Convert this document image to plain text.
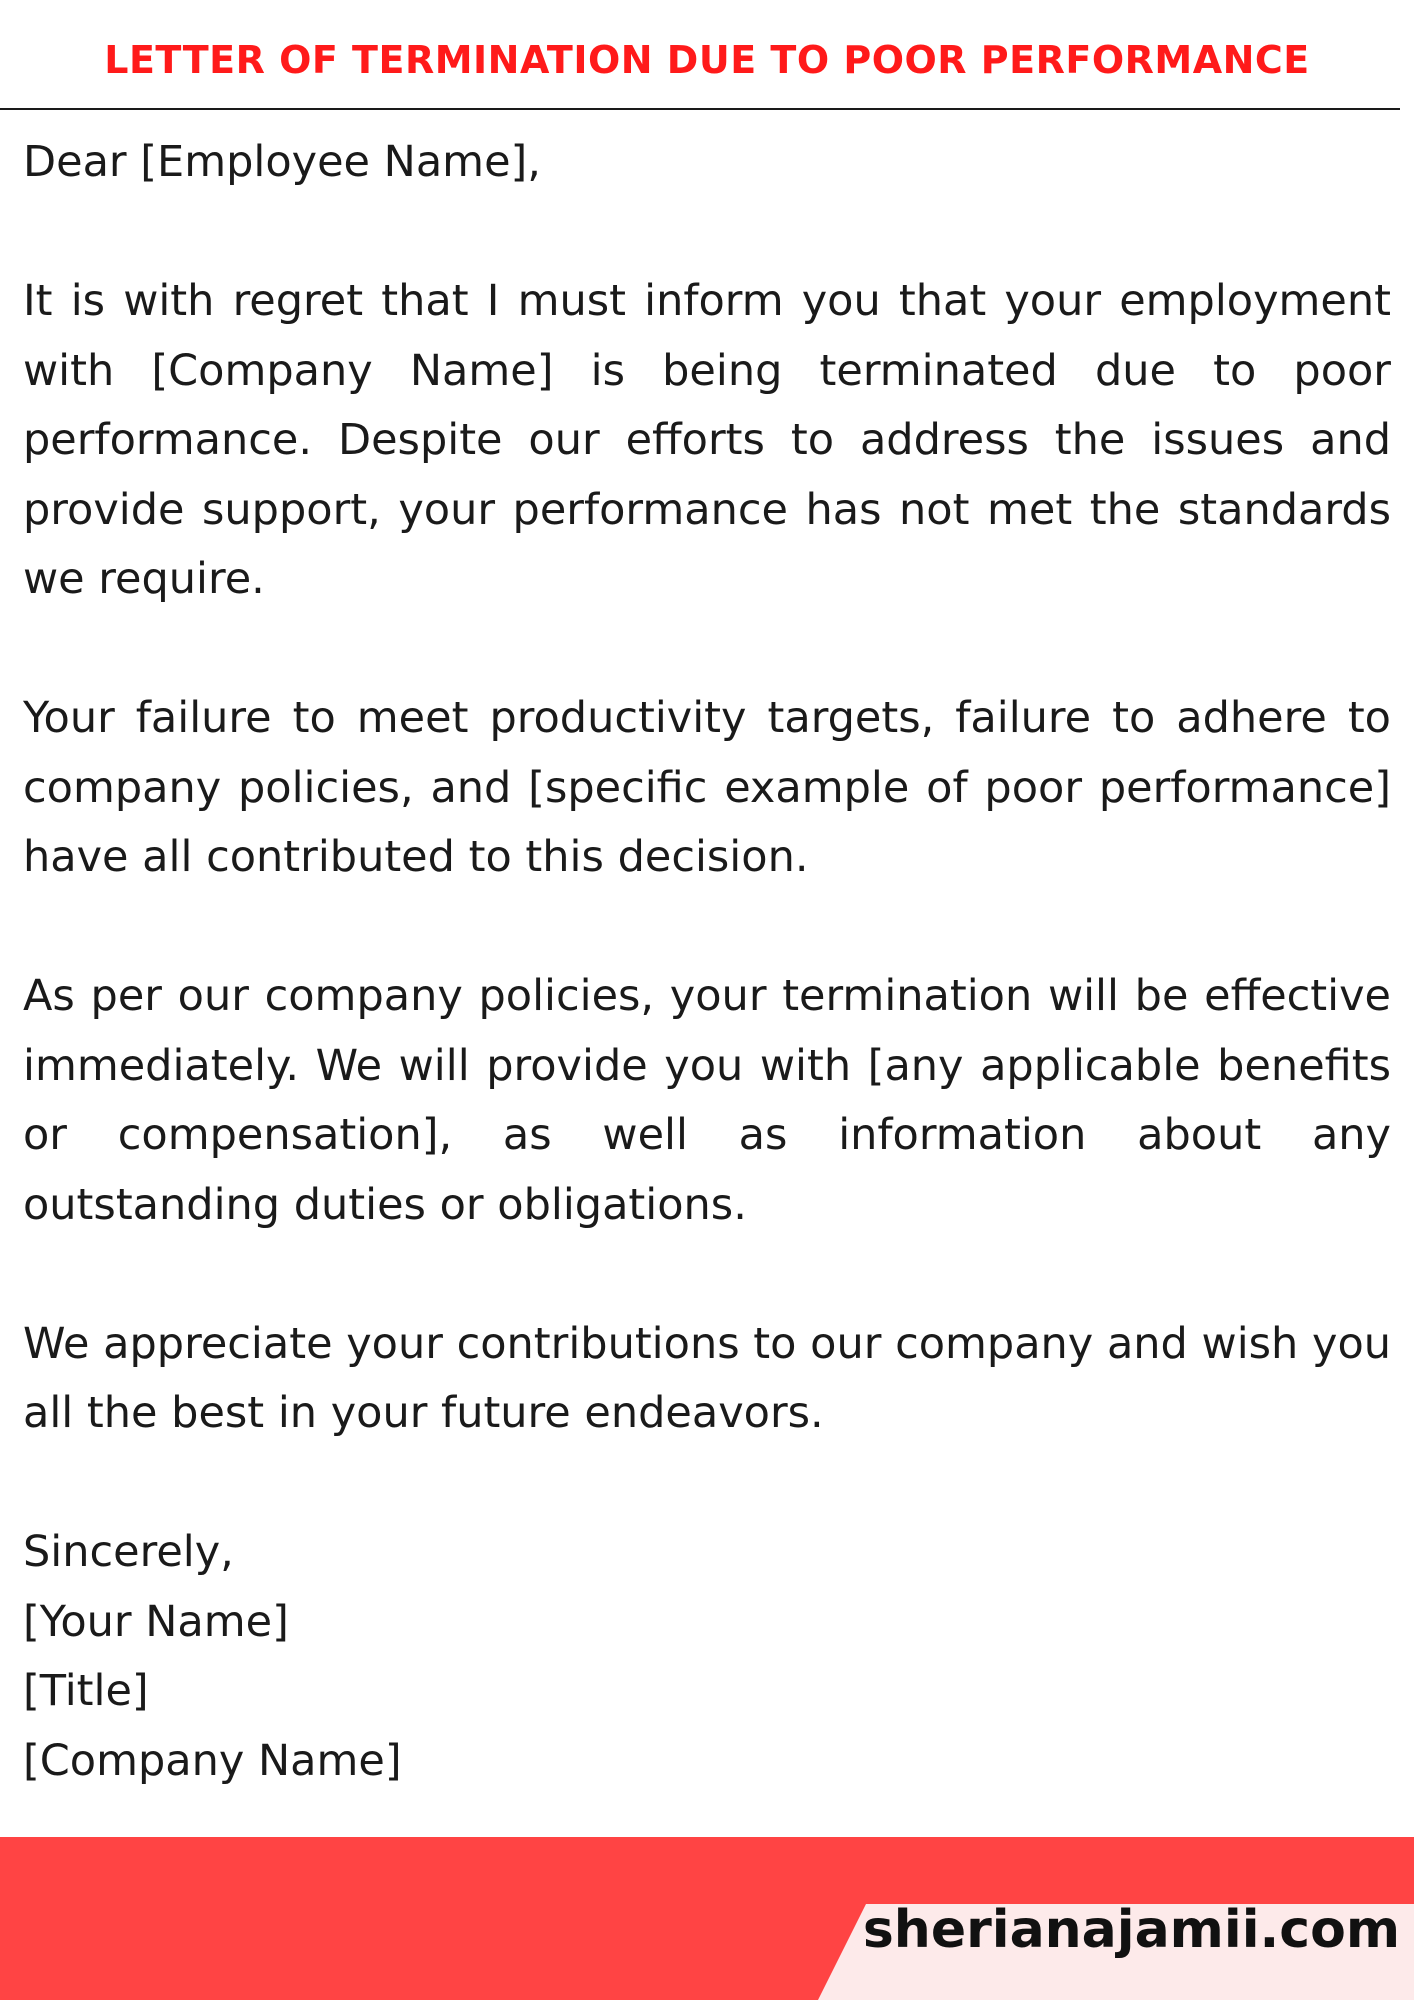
LETTER OF TERMINATION DUE TO POOR PERFORMANCE

Dear [Employee Name],

It is with regret that I must inform you that your employment with [Company Name] is being terminated due to poor performance. Despite our efforts to address the issues and provide support, your performance has not met the standards we require.

Your failure to meet productivity targets, failure to adhere to company policies, and [specific example of poor performance] have all contributed to this decision.

As per our company policies, your termination will be effective immediately. We will provide you with [any applicable benefits or compensation], as well as information about any outstanding duties or obligations.

We appreciate your contributions to our company and wish you all the best in your future endeavors.

Sincerely,

[Your Name]

[Title]

[Company Name]

sherianajamii.com
